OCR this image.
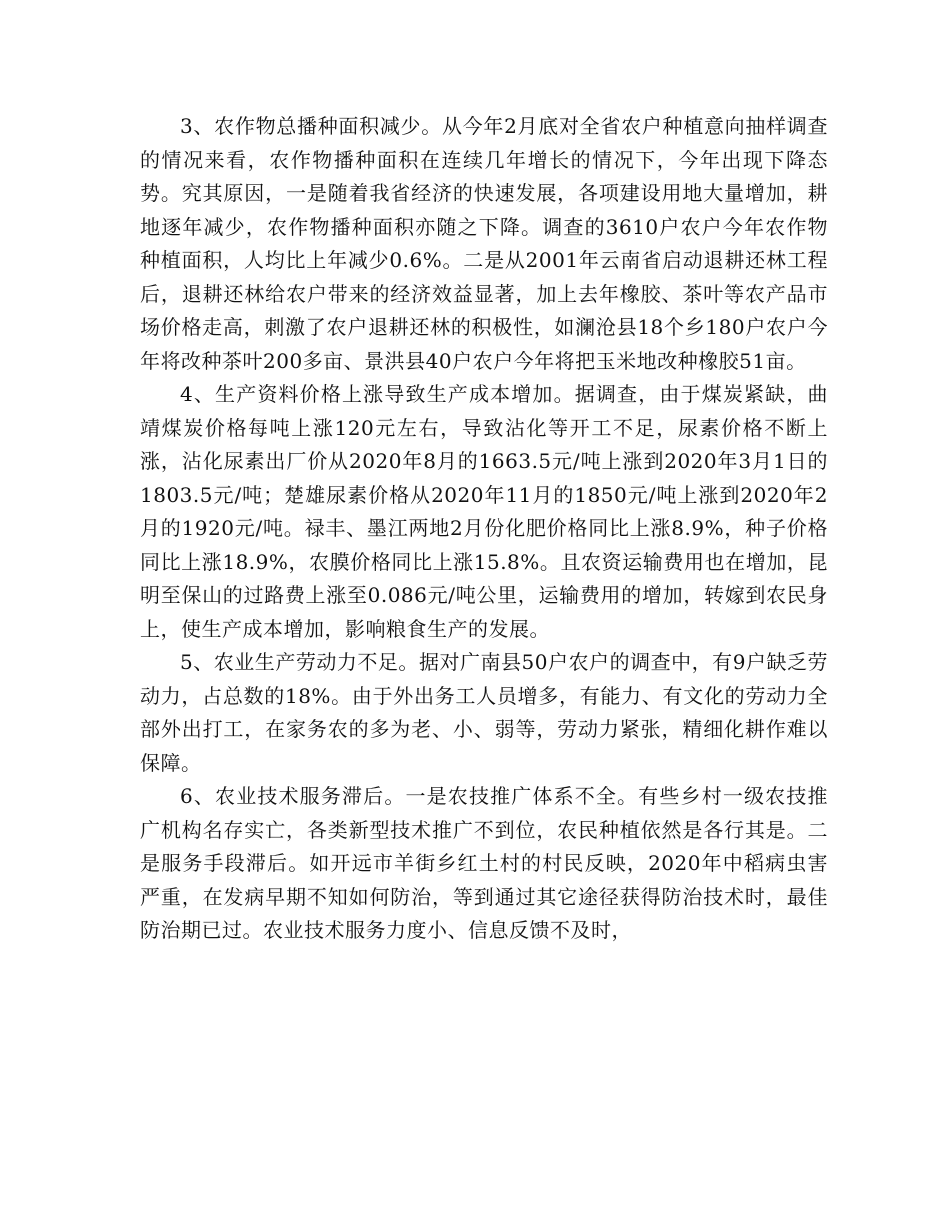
3、农作物总播种面积减少。从今年2月底对全省农户种植意向抽样调查的情况来看，农作物播种面积在连续几年增长的情况下，今年出现下降态势。究其原因，一是随着我省经济的快速发展，各项建设用地大量增加，耕地逐年减少，农作物播种面积亦随之下降。调查的3610户农户今年农作物种植面积，人均比上年减少0.6%。二是从2001年云南省启动退耕还林工程后，退耕还林给农户带来的经济效益显著，加上去年橡胶、茶叶等农产品市场价格走高，刺激了农户退耕还林的积极性，如澜沧县18个乡180户农户今年将改种茶叶200多亩、景洪县40户农户今年将把玉米地改种橡胶51亩。

4、生产资料价格上涨导致生产成本增加。据调查，由于煤炭紧缺，曲靖煤炭价格每吨上涨120元左右，导致沾化等开工不足，尿素价格不断上涨，沾化尿素出厂价从2020年8月的1663.5元/吨上涨到2020年3月1日的1803.5元/吨；楚雄尿素价格从2020年11月的1850元/吨上涨到2020年2月的1920元/吨。禄丰、墨江两地2月份化肥价格同比上涨8.9%，种子价格同比上涨18.9%，农膜价格同比上涨15.8%。且农资运输费用也在增加，昆明至保山的过路费上涨至0.086元/吨公里，运输费用的增加，转嫁到农民身上，使生产成本增加，影响粮食生产的发展。

5、农业生产劳动力不足。据对广南县50户农户的调查中，有9户缺乏劳动力，占总数的18%。由于外出务工人员增多，有能力、有文化的劳动力全部外出打工，在家务农的多为老、小、弱等，劳动力紧张，精细化耕作难以保障。

6、农业技术服务滞后。一是农技推广体系不全。有些乡村一级农技推广机构名存实亡，各类新型技术推广不到位，农民种植依然是各行其是。二是服务手段滞后。如开远市羊街乡红土村的村民反映，2020年中稻病虫害严重，在发病早期不知如何防治，等到通过其它途径获得防治技术时，最佳防治期已过。农业技术服务力度小、信息反馈不及时，
